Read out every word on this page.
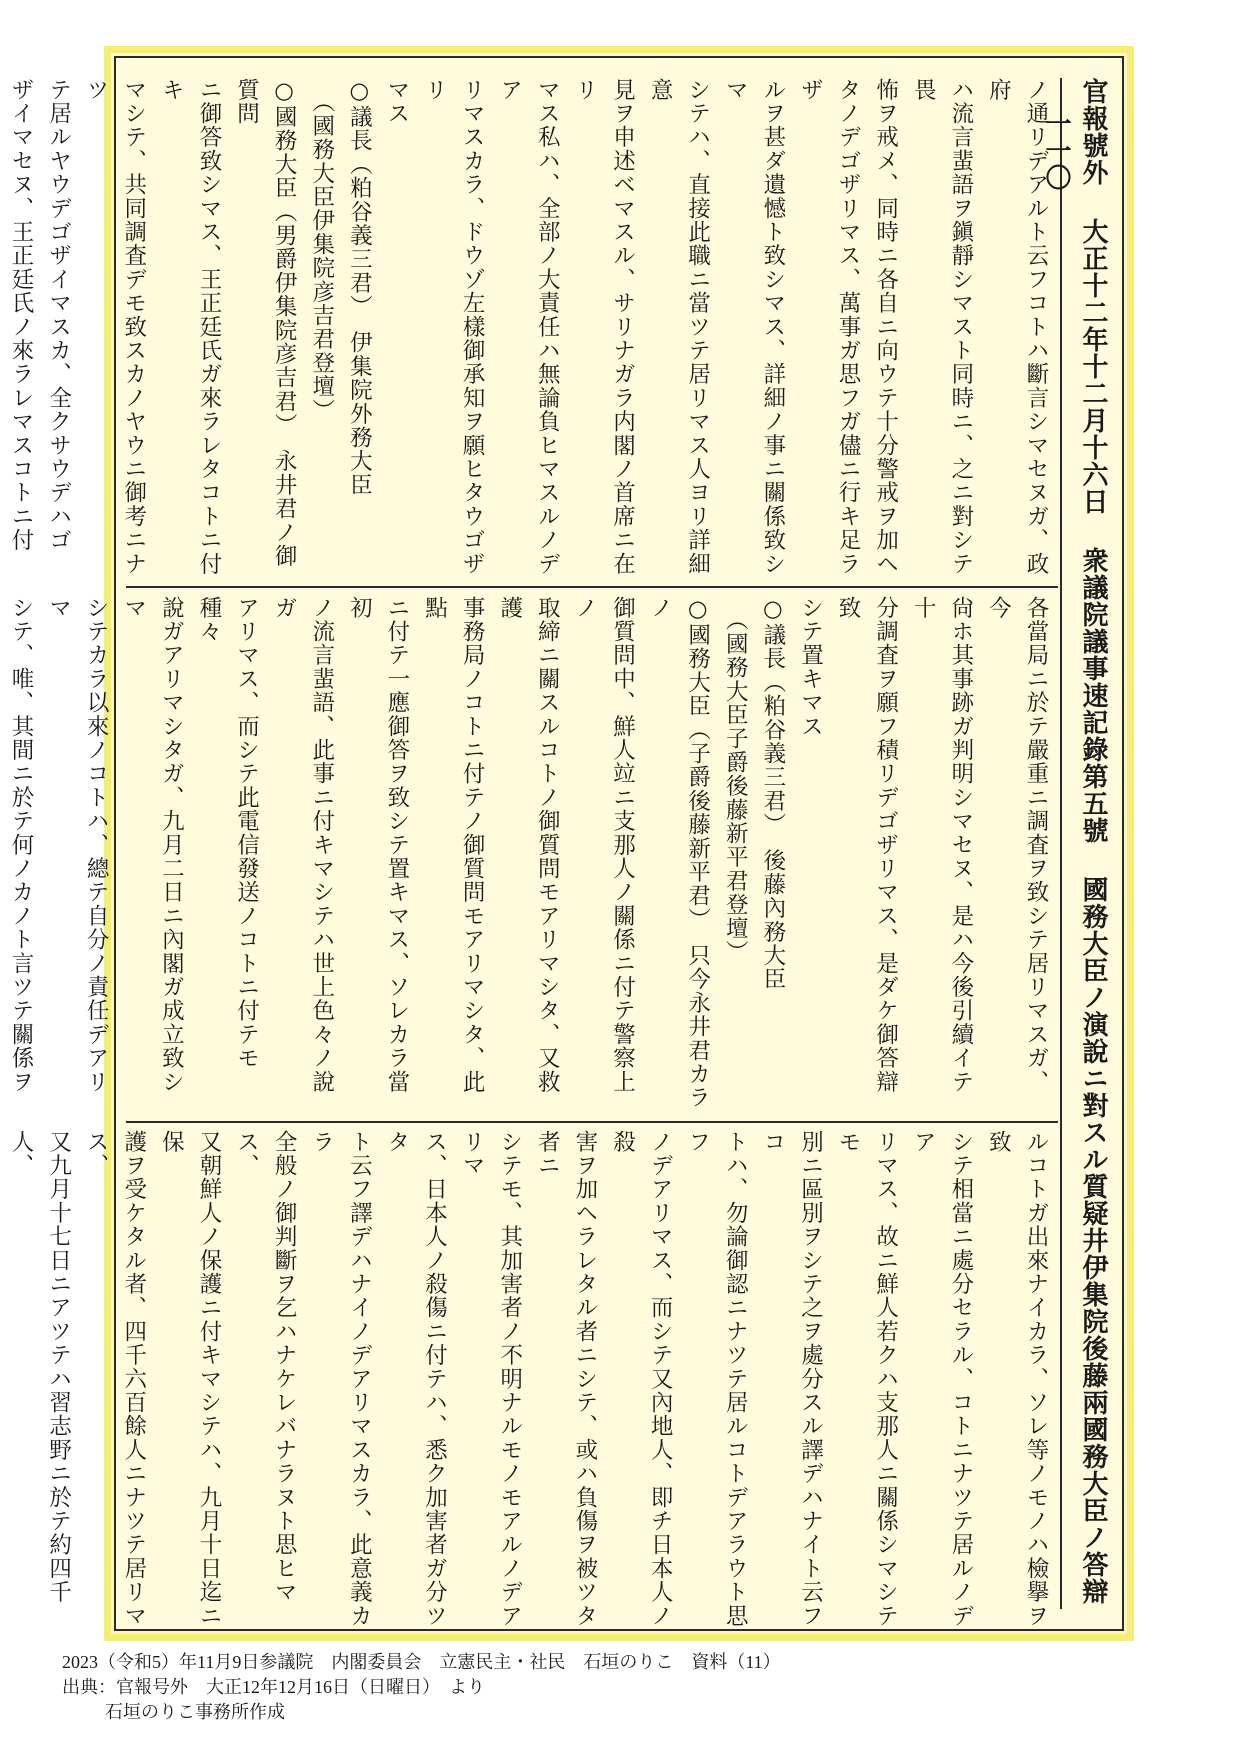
官報號外 大正十二年十二月十六日 衆議院議事速記錄第五號 國務大臣ノ演說ニ對スル質疑井伊集院後藤兩國務大臣ノ答辯 一一〇

ノ通リデアルト云フコトハ斷言シマセヌガ、政府

ハ流言蜚語ヲ鎭靜シマスト同時ニ、之ニ對シテ畏

怖ヲ戒メ、同時ニ各自ニ向ウテ十分警戒ヲ加ヘ

タノデゴザリマス、萬事ガ思フガ儘ニ行キ足ラザ

ルヲ甚ダ遺憾ト致シマス、詳細ノ事ニ關係致シマ

シテハ、直接此職ニ當ツテ居リマス人ヨリ詳細意

見ヲ申述ベマスル、サリナガラ内閣ノ首席ニ在リ

マス私ハ、全部ノ大責任ハ無論負ヒマスルノデア

リマスカラ、ドウゾ左樣御承知ヲ願ヒタウゴザリ

マス

○議長（粕谷義三君）　伊集院外務大臣

　（國務大臣伊集院彦吉君登壇）

○國務大臣（男爵伊集院彦吉君）　永井君ノ御質問

ニ御答致シマス、王正廷氏ガ來ラレタコトニ付キ

マシテ、共同調査デモ致スカノヤウニ御考ニナツ

テ居ルヤウデゴザイマスカ、全クサウデハゴ

ザイマセヌ、王正廷氏ノ來ラレマスコトニ付

各當局ニ於テ嚴重ニ調査ヲ致シテ居リマスガ、今

尙ホ其事跡ガ判明シマセヌ、是ハ今後引續イテ十

分調査ヲ願フ積リデゴザリマス、是ダケ御答辯致

シテ置キマス

○議長（粕谷義三君）　後藤內務大臣

　（國務大臣子爵後藤新平君登壇）

○國務大臣（子爵後藤新平君）　只今永井君カラノ

御質問中、鮮人竝ニ支那人ノ關係ニ付テ警察上ノ

取締ニ關スルコトノ御質問モアリマシタ、又救護

事務局ノコトニ付テノ御質問モアリマシタ、此點

ニ付テ一應御答ヲ致シテ置キマス、ソレカラ當初

ノ流言蜚語、此事ニ付キマシテハ世上色々ノ說ガ

アリマス、而シテ此電信發送ノコトニ付テモ種々

說ガアリマシタガ、九月二日ニ內閣ガ成立致シマ

シテカラ以來ノコトハ、總テ自分ノ責任デアリマ

シテ、唯、其間ニ於テ何ノカノト言ツテ關係ヲ

ルコトガ出來ナイカラ、ソレ等ノモノハ檢擧ヲ致

シテ相當ニ處分セラル、コトニナツテ居ルノデア

リマス、故ニ鮮人若クハ支那人ニ關係シマシテモ

別ニ區別ヲシテ之ヲ處分スル譯デハナイト云フコ

トハ、勿論御認ニナツテ居ルコトデアラウト思フ

ノデアリマス、而シテ又內地人、即チ日本人ノ殺

害ヲ加ヘラレタル者ニシテ、或ハ負傷ヲ被ツタ者ニ

シテモ、其加害者ノ不明ナルモノモアルノデアリマ

ス、日本人ノ殺傷ニ付テハ、悉ク加害者ガ分ツタ

ト云フ譯デハナイノデアリマスカラ、此意義カラ

全般ノ御判斷ヲ乞ハナケレバナラヌト思ヒマス、

又朝鮮人ノ保護ニ付キマシテハ、九月十日迄ニ保

護ヲ受ケタル者、四千六百餘人ニナツテ居リマス、

又九月十七日ニアツテハ習志野ニ於テ約四千人、

2023（令和5）年11月9日参議院　内閣委員会　立憲民主・社民　石垣のりこ　資料（11）
出典：官報号外　大正12年12月16日（日曜日）　より
石垣のりこ事務所作成
